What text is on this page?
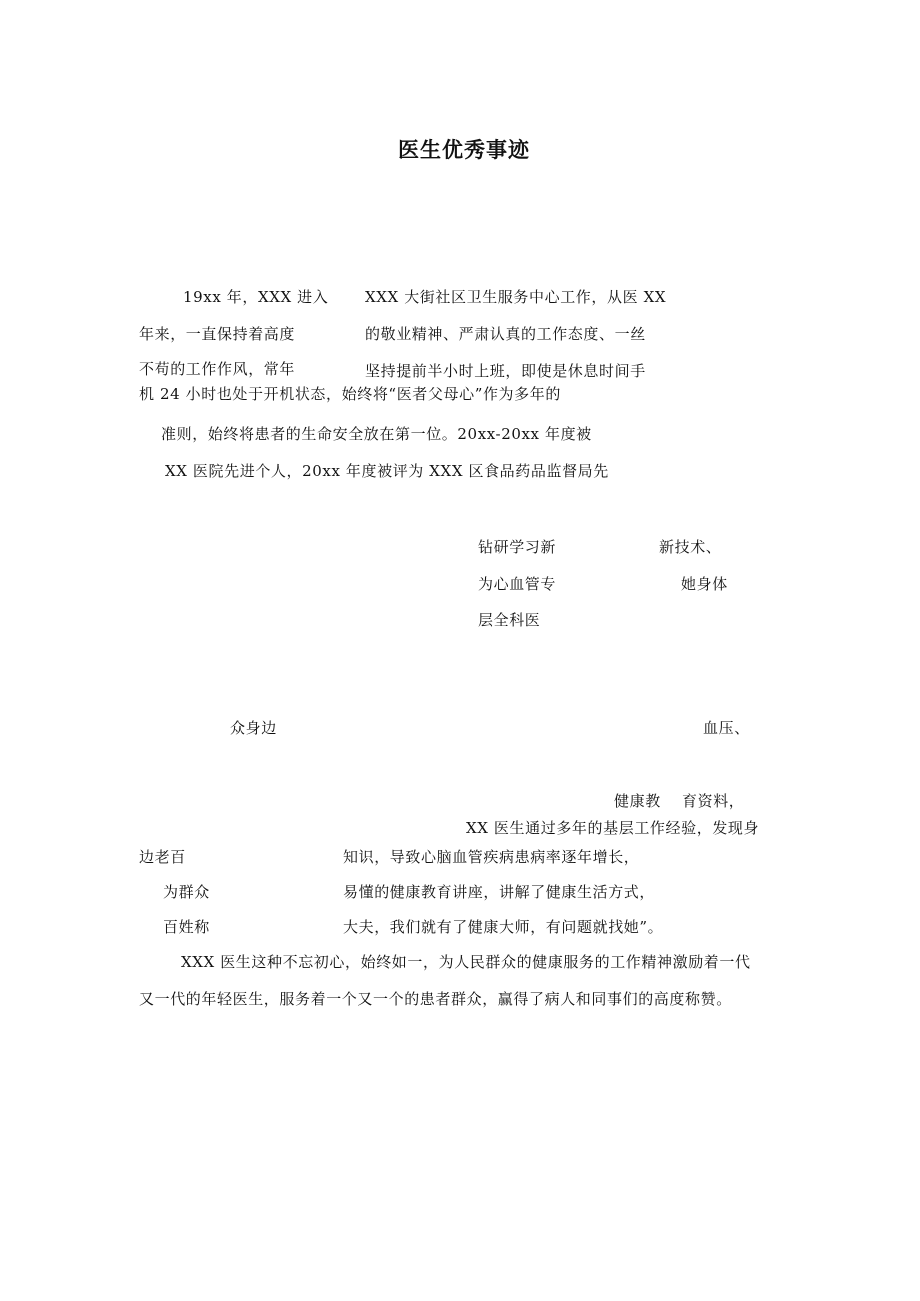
医生优秀事迹
19xx 年，XXX 进入 XXX 大街社区卫生服务中心工作，从医 XX
年来，一直保持着高度	的敬业精神、严肃认真的工作态度、一丝
不苟的工作作风，常年	坚持提前半小时上班，即使是休息时间手
机 24 小时也处于开机状态，始终将“医者父母心”作为多年的
准则，始终将患者的生命安全放在第一位。20xx-20xx 年度被
XX 医院先进个人，20xx 年度被评为 XXX 区食品药品监督局先
钻研学习新	新技术、
为心血管专	她身体
层全科医
众身边	血压、
健康教 育资料，
XX 医生通过多年的基层工作经验，发现身
边老百	知识，导致心脑血管疾病患病率逐年增长，
为群众	易懂的健康教育讲座，讲解了健康生活方式，
百姓称	大夫，我们就有了健康大师，有问题就找她”。
XXX 医生这种不忘初心，始终如一，为人民群众的健康服务的工作精神激励着一代
又一代的年轻医生，服务着一个又一个的患者群众，赢得了病人和同事们的高度称赞。
